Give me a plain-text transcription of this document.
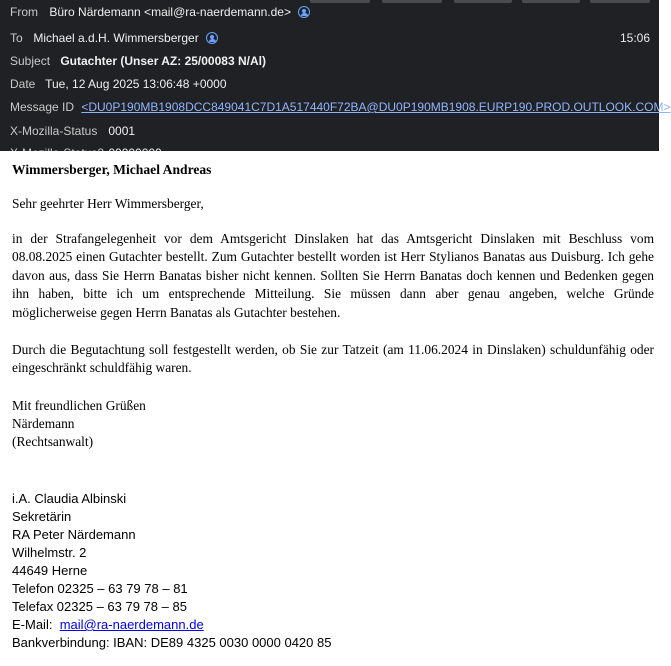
From Büro Närdemann <mail@ra-naerdemann.de>
To Michael a.d.H. Wimmersberger	15:06
Subject Gutachter (Unser AZ: 25/00083 N/Al)
Date Tue, 12 Aug 2025 13:06:48 +0000
Message ID <DU0P190MB1908DCC849041C7D1A517440F72BA@DU0P190MB1908.EURP190.PROD.OUTLOOK.COM>
X-Mozilla-Status 0001
Wimmersberger, Michael Andreas
Sehr geehrter Herr Wimmersberger,
in der Strafangelegenheit vor dem Amtsgericht Dinslaken hat das Amtsgericht Dinslaken mit Beschluss vom 08.08.2025 einen Gutachter bestellt. Zum Gutachter bestellt worden ist Herr Stylianos Banatas aus Duisburg. Ich gehe davon aus, dass Sie Herrn Banatas bisher nicht kennen. Sollten Sie Herrn Banatas doch kennen und Bedenken gegen ihn haben, bitte ich um entsprechende Mitteilung. Sie müssen dann aber genau angeben, welche Gründe möglicherweise gegen Herrn Banatas als Gutachter bestehen.
Durch die Begutachtung soll festgestellt werden, ob Sie zur Tatzeit (am 11.06.2024 in Dinslaken) schuldunfähig oder eingeschränkt schuldfähig waren.
Mit freundlichen Grüßen
Närdemann
(Rechtsanwalt)
i.A. Claudia Albinski
Sekretärin
RA Peter Närdemann
Wilhelmstr. 2
44649 Herne
Telefon 02325 – 63 79 78 – 81
Telefax 02325 – 63 79 78 – 85
E-Mail: mail@ra-naerdemann.de
Bankverbindung: IBAN: DE89 4325 0030 0000 0420 85
